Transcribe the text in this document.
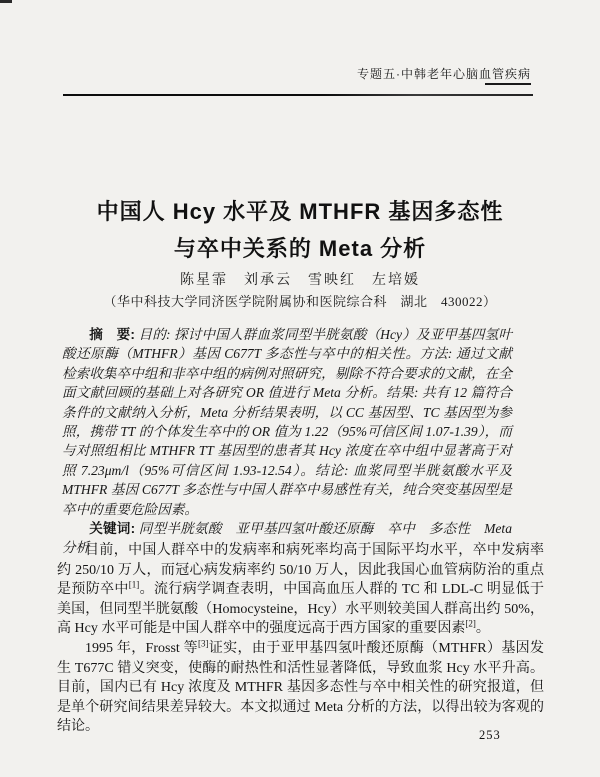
专题五·中韩老年心脑血管疾病
中国人 Hcy 水平及 MTHFR 基因多态性
与卒中关系的 Meta 分析
陈星霏　刘承云　雪映红　左培媛
（华中科技大学同济医学院附属协和医院综合科　湖北　430022）

摘　要: 目的: 探讨中国人群血浆同型半胱氨酸（Hcy）及亚甲基四氢叶酸还原酶（MTHFR）基因 C677T 多态性与卒中的相关性。方法: 通过文献检索收集卒中组和非卒中组的病例对照研究，剔除不符合要求的文献，在全面文献回顾的基础上对各研究 OR 值进行 Meta 分析。结果: 共有 12 篇符合条件的文献纳入分析，Meta 分析结果表明，以 CC 基因型、TC 基因型为参照，携带 TT 的个体发生卒中的 OR 值为 1.22（95%可信区间 1.07-1.39），而与对照组相比 MTHFR TT 基因型的患者其 Hcy 浓度在卒中组中显著高于对照 7.23μm/l（95%可信区间 1.93-12.54）。结论: 血浆同型半胱氨酸水平及 MTHFR 基因 C677T 多态性与中国人群卒中易感性有关，纯合突变基因型是卒中的重要危险因素。

关键词: 同型半胱氨酸　亚甲基四氢叶酸还原酶　卒中　多态性　Meta 分析

目前，中国人群卒中的发病率和病死率均高于国际平均水平，卒中发病率约 250/10 万人，而冠心病发病率约 50/10 万人，因此我国心血管病防治的重点是预防卒中[1]。流行病学调查表明，中国高血压人群的 TC 和 LDL-C 明显低于美国，但同型半胱氨酸（Homocysteine，Hcy）水平则较美国人群高出约 50%，高 Hcy 水平可能是中国人群卒中的强度远高于西方国家的重要因素[2]。

1995 年，Frosst 等[3]证实，由于亚甲基四氢叶酸还原酶（MTHFR）基因发生 T677C 错义突变，使酶的耐热性和活性显著降低，导致血浆 Hcy 水平升高。目前，国内已有 Hcy 浓度及 MTHFR 基因多态性与卒中相关性的研究报道，但是单个研究间结果差异较大。本文拟通过 Meta 分析的方法，以得出较为客观的结论。

253
